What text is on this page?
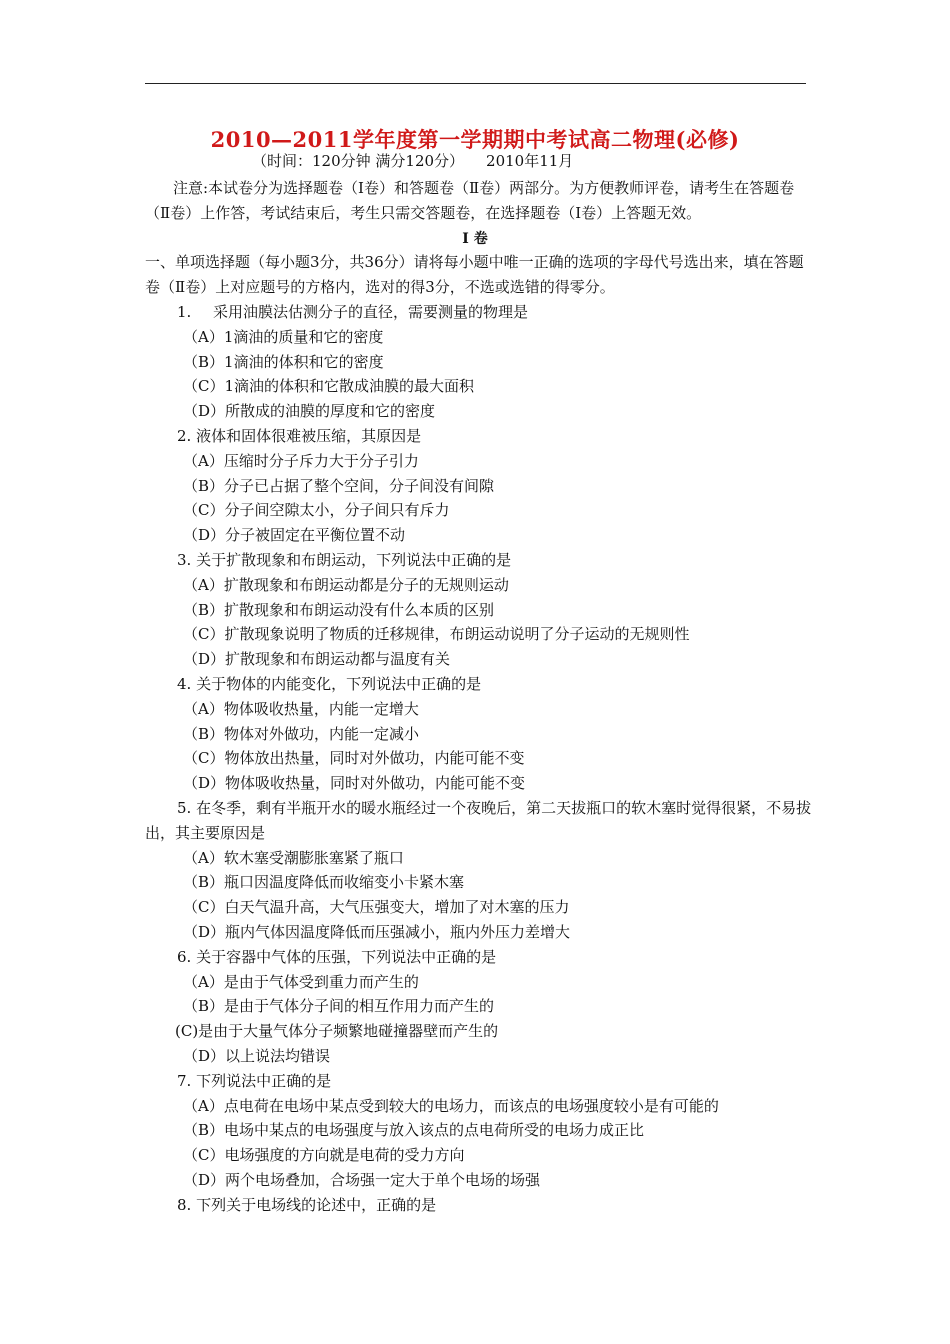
2010—2011学年度第一学期期中考试高二物理(必修)
（时间：120分钟 满分120分） 2010年11月
注意:本试卷分为选择题卷（Ⅰ卷）和答题卷（Ⅱ卷）两部分。为方便教师评卷，请考生在答题卷（Ⅱ卷）上作答，考试结束后，考生只需交答题卷，在选择题卷（Ⅰ卷）上答题无效。
Ⅰ 卷
一、单项选择题（每小题3分，共36分）请将每小题中唯一正确的选项的字母代号选出来，填在答题卷（Ⅱ卷）上对应题号的方格内，选对的得3分，不选或选错的得零分。
1. 采用油膜法估测分子的直径，需要测量的物理是
（A）1滴油的质量和它的密度
（B）1滴油的体积和它的密度
（C）1滴油的体积和它散成油膜的最大面积
（D）所散成的油膜的厚度和它的密度
2. 液体和固体很难被压缩，其原因是
（A）压缩时分子斥力大于分子引力
（B）分子已占据了整个空间，分子间没有间隙
（C）分子间空隙太小，分子间只有斥力
（D）分子被固定在平衡位置不动
3. 关于扩散现象和布朗运动，下列说法中正确的是
（A）扩散现象和布朗运动都是分子的无规则运动
（B）扩散现象和布朗运动没有什么本质的区别
（C）扩散现象说明了物质的迁移规律，布朗运动说明了分子运动的无规则性
（D）扩散现象和布朗运动都与温度有关
4. 关于物体的内能变化，下列说法中正确的是
（A）物体吸收热量，内能一定增大
（B）物体对外做功，内能一定减小
（C）物体放出热量，同时对外做功，内能可能不变
（D）物体吸收热量，同时对外做功，内能可能不变
5. 在冬季，剩有半瓶开水的暖水瓶经过一个夜晚后，第二天拔瓶口的软木塞时觉得很紧，不易拔出，其主要原因是
（A）软木塞受潮膨胀塞紧了瓶口
（B）瓶口因温度降低而收缩变小卡紧木塞
（C）白天气温升高，大气压强变大，增加了对木塞的压力
（D）瓶内气体因温度降低而压强减小，瓶内外压力差增大
6. 关于容器中气体的压强，下列说法中正确的是
（A）是由于气体受到重力而产生的
（B）是由于气体分子间的相互作用力而产生的
(C)是由于大量气体分子频繁地碰撞器壁而产生的
（D）以上说法均错误
7. 下列说法中正确的是
（A）点电荷在电场中某点受到较大的电场力，而该点的电场强度较小是有可能的
（B）电场中某点的电场强度与放入该点的点电荷所受的电场力成正比
（C）电场强度的方向就是电荷的受力方向
（D）两个电场叠加，合场强一定大于单个电场的场强
8. 下列关于电场线的论述中，正确的是
